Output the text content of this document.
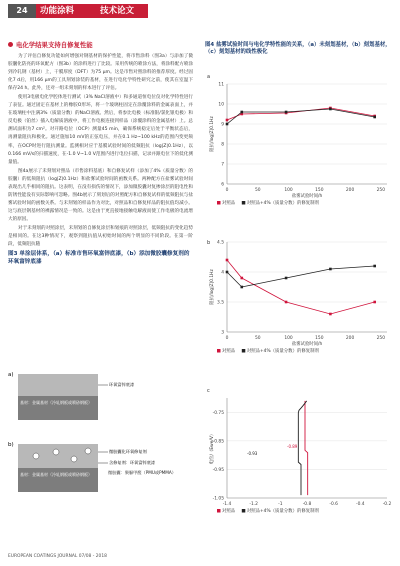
24	功能涂料	技术论文
电化学结果支持自修复性能

为了评估自修复功能如何增强对钢基材的保护性能，将市售涂料（图3a）与添加了微胶囊化防亮的环氧配方（图3b）的涂料进行了比较。采用传统的喷涂方法，将涂料配方喷涂到冷轧钢（基材）上，干膜厚度（DFT）为75 μm。这是市售对照涂料的推荐厚度。经过固化7 d后，用166 μm的工具刻划涂装的基材，在进行电化学特性研究之前，使其在室温下保存24 h。此外，还对一组未刻划的样本进行了评估。

使用3电极电化学腔体进行测试（3% NaCl溶液中）和多通道恒电位仪对化学特性进行了表征。通过固定在基材上的橡胶O形环，将一个玻璃柱固定在涂覆涂料的金属表面上，并在玻璃柱中注满3%（质量分数）的NaCl溶液。然后，将参比电极（标准银/氯化银电极）和反电极（铂丝）插入电解质溶液中，将工作电极连接到样品（涂覆涂料的金属基材）上。总测试面积为7 cm²。对开路电位（OCP）测量45 min，确保系统稳定后处于平衡状态后，再测量阻抗和极化。通过施加10 mV的正弦电压，并在0.1 Hz~100 kHz的范围内变更频率，在OCP时进行阻抗测量。监测相对应于基膜试验时间的低频阻抗（log|Z|0.1Hz），以0.166 mV/s的扫描速度，在-1.0 V~1.0 V范围内进行电位扫描，记录并跟电位下的低化测量值。

图4a展示了未刻划对照品（市售涂料基底）和自修复试样（添加了4%（质量分数）的胶囊）的低频阻抗（log|Z|0.1Hz）和盐雾试验时间的函数关系。两种配方在盐雾试验时间表现出几乎相同的阻抗。这表明，在没有损伤的情况下，添加微胶囊对复掺涂层的阻电性和防锈性能没有实际影响可忽略。图4b展示了刻划后的对照配方和自修复试样的低频阻抗与盐雾试验时间的函数关系。与未刻划的样品作为对比，对照品和自修复样品的阻抗值均减小。这与底层钢基材的裸露情况是一致的。这是由于更直接地接触电解液而使工作电极的电流增大的原因。

对于未刻划的对照涂层，未刻划的自修复涂层和划痕的对照涂层，低频阻抗的变化趋势是相同的。在这3种情况下，观察到阻抗值从初始时间的两个明显的不同阶段。在第一阶段，低频阻抗随

图3 单涂层体系，（a）标准市售环氧富锌底漆，（b）添加微胶囊修复剂的环氧富锌底漆
a)
环氧富锌底漆
基材：金属基材（冷轧钢板或喷砂钢板）
b)
微胶囊化环氧修复剂
含修复剂：环氧富锌底漆
基材：金属基材（冷轧钢板或喷砂钢板）	微胶囊：聚脲甲醛（PMU或PMMA）
图4 盐雾试验时间与电化学特性能的关系，（a）未刻划基材，（b）刻划基材，（c）刻划基材的线性极化
a
6
7
8
9
10
11
0	50	100	150	200	250
阻抗/log|Z|0.1Hz
盐雾试验时间/h
对照品	对照品+4%（质量分数）的修复制剂
b
3
3.5
4
4.5
0	50	100	150	200	250
阻抗/log|Z|0.1Hz
盐雾试验时间/h
对照品	对照品+4%（质量分数）的修复制剂
c
-1.05
-0.95
-0.85
-0.75
-1.4	-1.2	-1	-0.8	-0.6	-0.4	-0.2
电位/（Ewe/V）	-0.93
-0.89
对照品	对照品+4%（质量分数）的修复制剂
EUROPEAN COATINGS JOURNAL 07/08 - 2018
